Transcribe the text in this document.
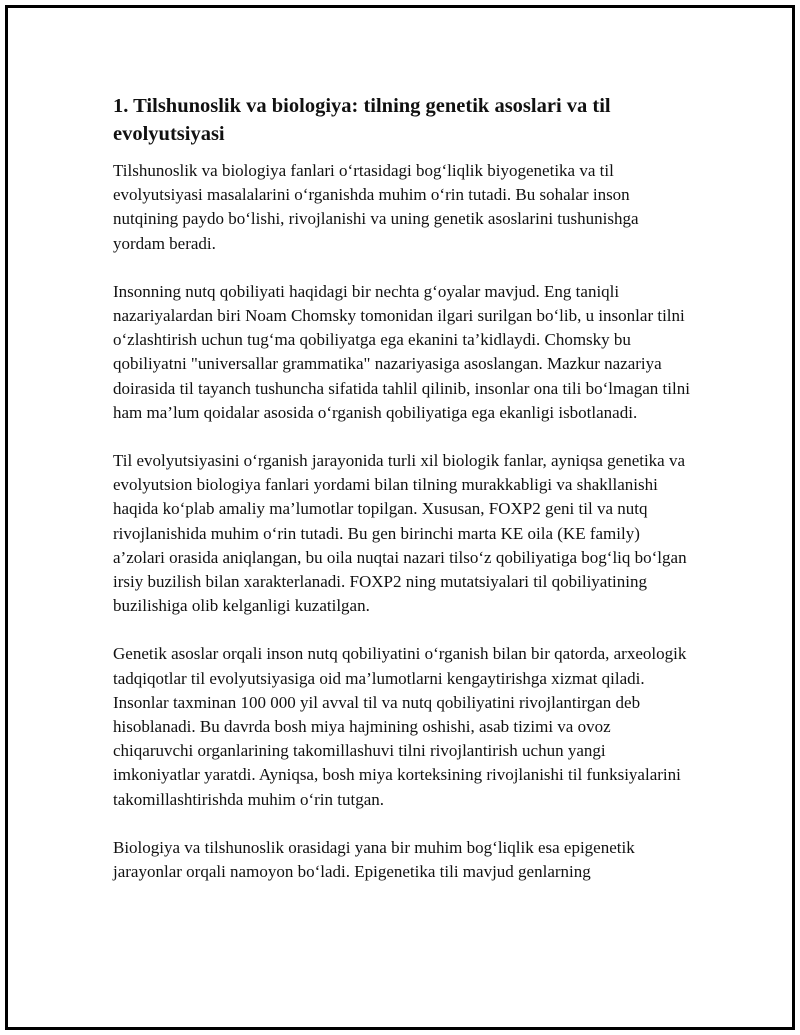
1. Tilshunoslik va biologiya: tilning genetik asoslari va til evolyutsiyasi

Tilshunoslik va biologiya fanlari o‘rtasidagi bog‘liqlik biyogenetika va til evolyutsiyasi masalalarini o‘rganishda muhim o‘rin tutadi. Bu sohalar inson nutqining paydo bo‘lishi, rivojlanishi va uning genetik asoslarini tushunishga yordam beradi.

Insonning nutq qobiliyati haqidagi bir nechta g‘oyalar mavjud. Eng taniqli nazariyalardan biri Noam Chomsky tomonidan ilgari surilgan bo‘lib, u insonlar tilni o‘zlashtirish uchun tug‘ma qobiliyatga ega ekanini ta’kidlaydi. Chomsky bu qobiliyatni "universallar grammatika" nazariyasiga asoslangan. Mazkur nazariya doirasida til tayanch tushuncha sifatida tahlil qilinib, insonlar ona tili bo‘lmagan tilni ham ma’lum qoidalar asosida o‘rganish qobiliyatiga ega ekanligi isbotlanadi.

Til evolyutsiyasini o‘rganish jarayonida turli xil biologik fanlar, ayniqsa genetika va evolyutsion biologiya fanlari yordami bilan tilning murakkabligi va shakllanishi haqida ko‘plab amaliy ma’lumotlar topilgan. Xususan, FOXP2 geni til va nutq rivojlanishida muhim o‘rin tutadi. Bu gen birinchi marta KE oila (KE family) a’zolari orasida aniqlangan, bu oila nuqtai nazari tilso‘z qobiliyatiga bog‘liq bo‘lgan irsiy buzilish bilan xarakterlanadi. FOXP2 ning mutatsiyalari til qobiliyatining buzilishiga olib kelganligi kuzatilgan.

Genetik asoslar orqali inson nutq qobiliyatini o‘rganish bilan bir qatorda, arxeologik tadqiqotlar til evolyutsiyasiga oid ma’lumotlarni kengaytirishga xizmat qiladi. Insonlar taxminan 100 000 yil avval til va nutq qobiliyatini rivojlantirgan deb hisoblanadi. Bu davrda bosh miya hajmining oshishi, asab tizimi va ovoz chiqaruvchi organlarining takomillashuvi tilni rivojlantirish uchun yangi imkoniyatlar yaratdi. Ayniqsa, bosh miya korteksining rivojlanishi til funksiyalarini takomillashtirishda muhim o‘rin tutgan.

Biologiya va tilshunoslik orasidagi yana bir muhim bog‘liqlik esa epigenetik jarayonlar orqali namoyon bo‘ladi. Epigenetika tili mavjud genlarning
